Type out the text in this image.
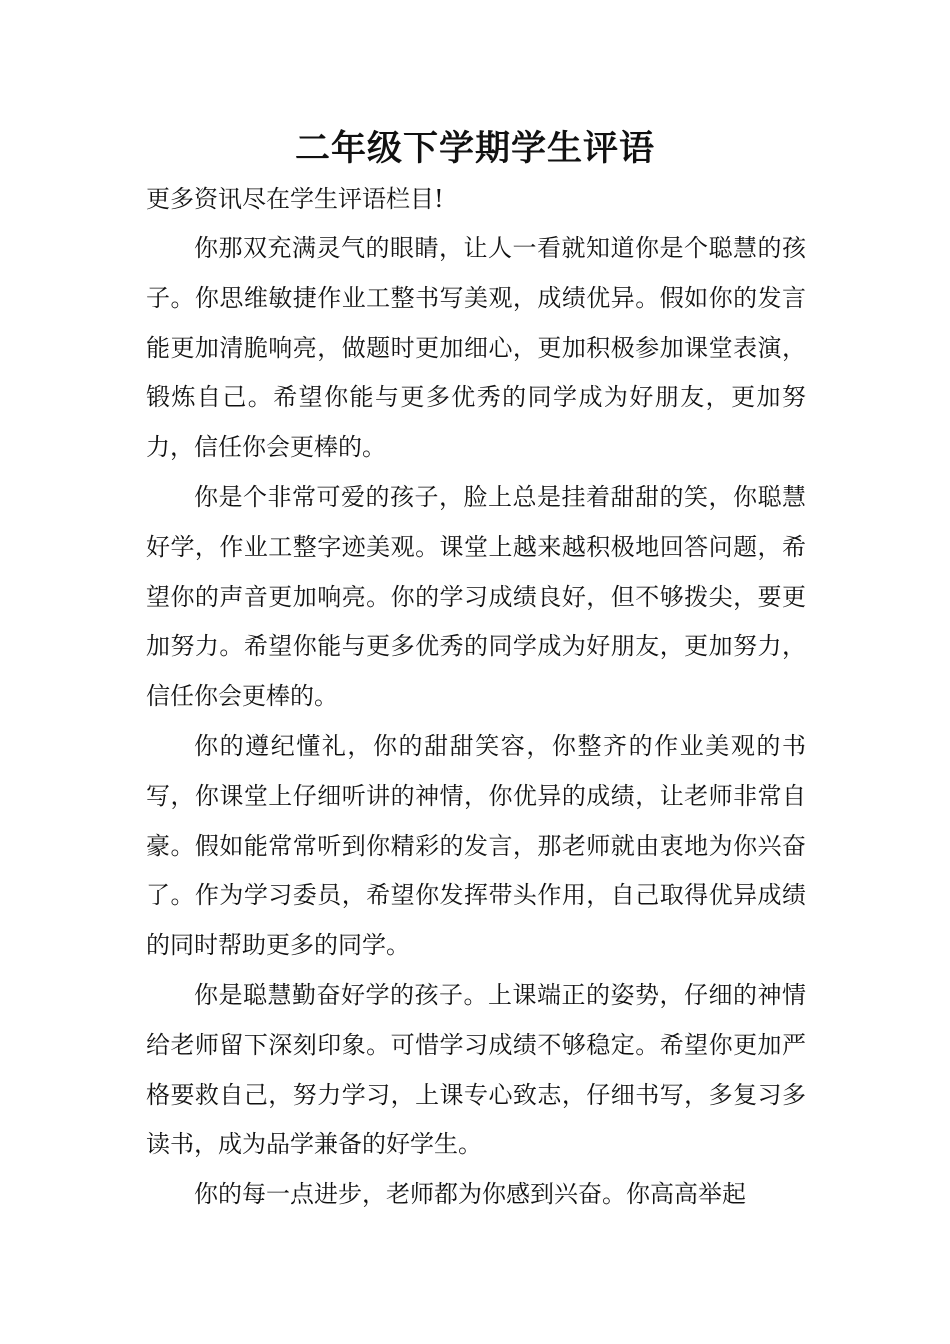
二年级下学期学生评语

更多资讯尽在学生评语栏目!

你那双充满灵气的眼睛，让人一看就知道你是个聪慧的孩子。你思维敏捷作业工整书写美观，成绩优异。假如你的发言能更加清脆响亮，做题时更加细心，更加积极参加课堂表演，锻炼自己。希望你能与更多优秀的同学成为好朋友，更加努力，信任你会更棒的。

你是个非常可爱的孩子，脸上总是挂着甜甜的笑，你聪慧好学，作业工整字迹美观。课堂上越来越积极地回答问题，希望你的声音更加响亮。你的学习成绩良好，但不够拨尖，要更加努力。希望你能与更多优秀的同学成为好朋友，更加努力，信任你会更棒的。

你的遵纪懂礼，你的甜甜笑容，你整齐的作业美观的书写，你课堂上仔细听讲的神情，你优异的成绩，让老师非常自豪。假如能常常听到你精彩的发言，那老师就由衷地为你兴奋了。作为学习委员，希望你发挥带头作用，自己取得优异成绩的同时帮助更多的同学。

你是聪慧勤奋好学的孩子。上课端正的姿势，仔细的神情给老师留下深刻印象。可惜学习成绩不够稳定。希望你更加严格要救自己，努力学习，上课专心致志，仔细书写，多复习多读书，成为品学兼备的好学生。

你的每一点进步，老师都为你感到兴奋。你高高举起
